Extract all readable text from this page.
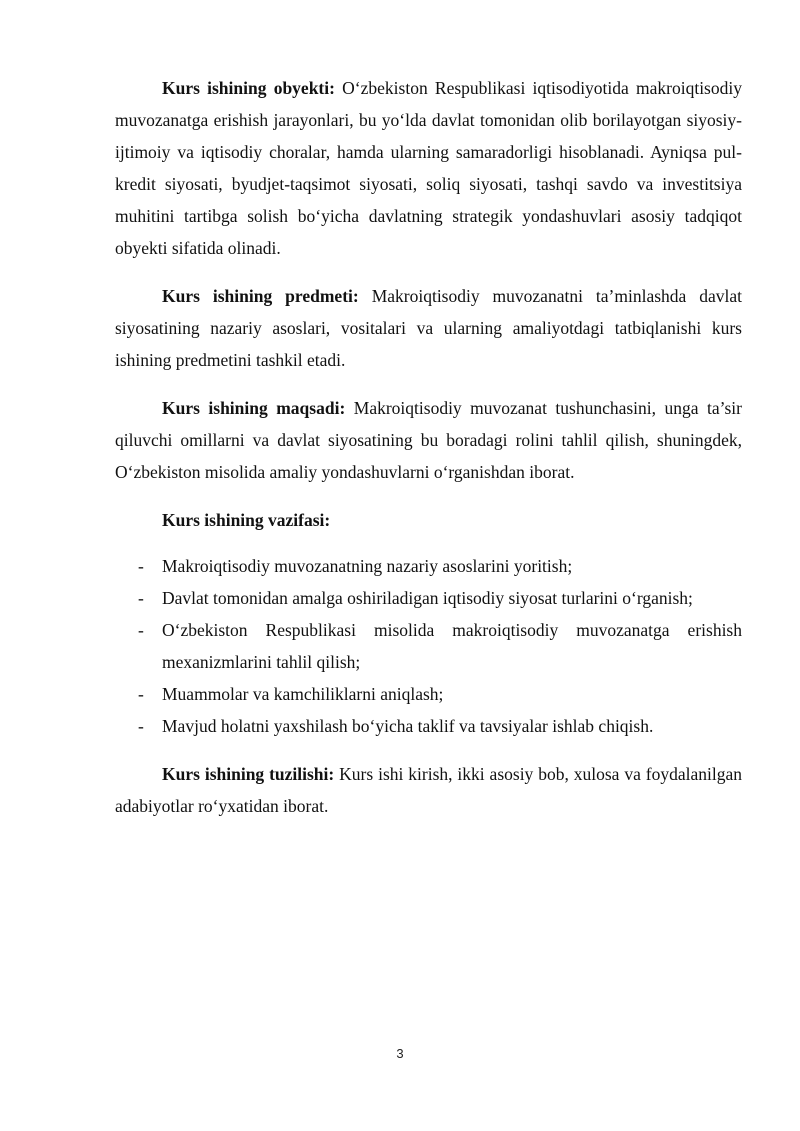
Kurs ishining obyekti: O‘zbekiston Respublikasi iqtisodiyotida makroiqtisodiy muvozanatga erishish jarayonlari, bu yo‘lda davlat tomonidan olib borilayotgan siyosiy-ijtimoiy va iqtisodiy choralar, hamda ularning samaradorligi hisoblanadi. Ayniqsa pul-kredit siyosati, byudjet-taqsimot siyosati, soliq siyosati, tashqi savdo va investitsiya muhitini tartibga solish bo‘yicha davlatning strategik yondashuvlari asosiy tadqiqot obyekti sifatida olinadi.

Kurs ishining predmeti: Makroiqtisodiy muvozanatni ta’minlashda davlat siyosatining nazariy asoslari, vositalari va ularning amaliyotdagi tatbiqlanishi kurs ishining predmetini tashkil etadi.

Kurs ishining maqsadi: Makroiqtisodiy muvozanat tushunchasini, unga ta’sir qiluvchi omillarni va davlat siyosatining bu boradagi rolini tahlil qilish, shuningdek, O‘zbekiston misolida amaliy yondashuvlarni o‘rganishdan iborat.

Kurs ishining vazifasi:

- Makroiqtisodiy muvozanatning nazariy asoslarini yoritish;
- Davlat tomonidan amalga oshiriladigan iqtisodiy siyosat turlarini o‘rganish;
- O‘zbekiston Respublikasi misolida makroiqtisodiy muvozanatga erishish mexanizmlarini tahlil qilish;
- Muammolar va kamchiliklarni aniqlash;
- Mavjud holatni yaxshilash bo‘yicha taklif va tavsiyalar ishlab chiqish.

Kurs ishining tuzilishi: Kurs ishi kirish, ikki asosiy bob, xulosa va foydalanilgan adabiyotlar ro‘yxatidan iborat.

3
